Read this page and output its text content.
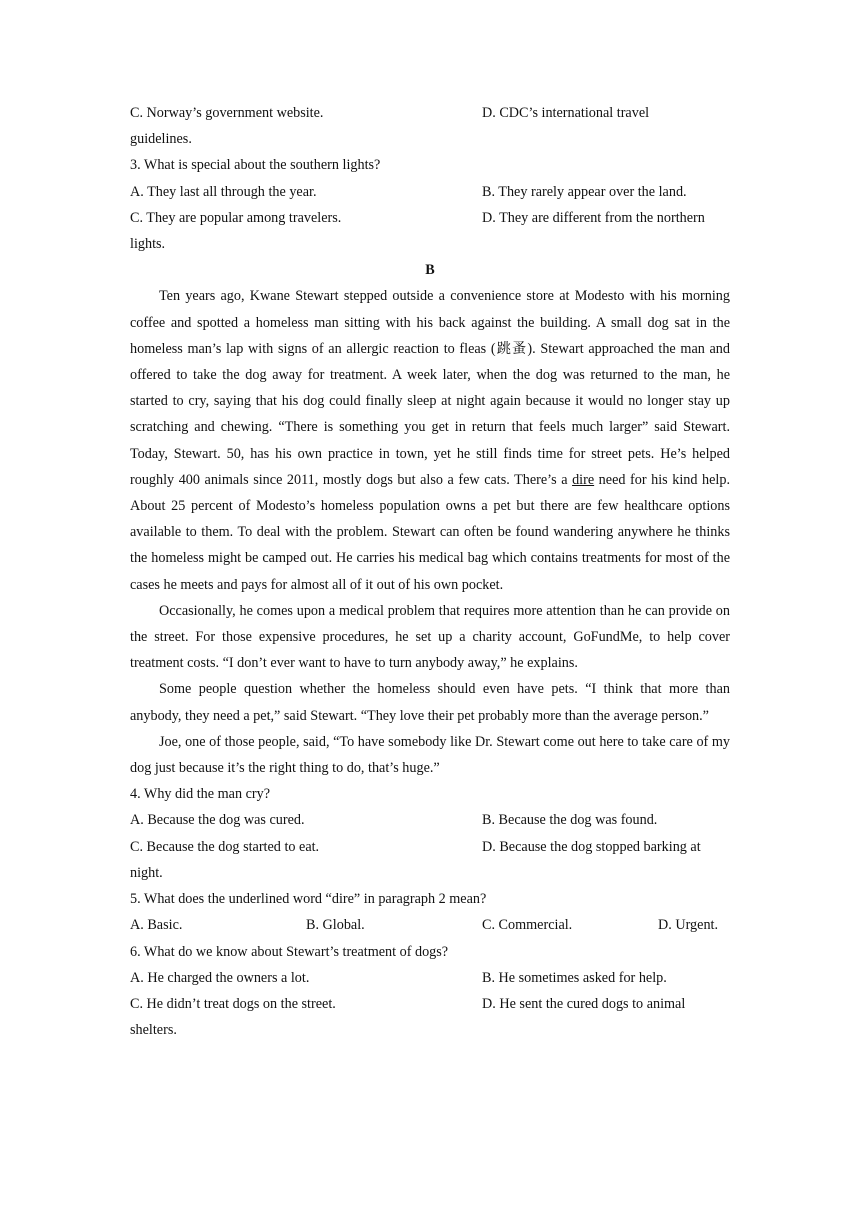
C. Norway’s government website.	D. CDC’s international travel
guidelines.
3. What is special about the southern lights?
A. They last all through the year.	B. They rarely appear over the land.
C. They are popular among travelers.	D. They are different from the northern
lights.
B
Ten years ago, Kwane Stewart stepped outside a convenience store at Modesto with his morning coffee and spotted a homeless man sitting with his back against the building. A small dog sat in the homeless man’s lap with signs of an allergic reaction to fleas (跳蚤). Stewart approached the man and offered to take the dog away for treatment. A week later, when the dog was returned to the man, he started to cry, saying that his dog could finally sleep at night again because it would no longer stay up scratching and chewing. “There is something you get in return that feels much larger” said Stewart. Today, Stewart. 50, has his own practice in town, yet he still finds time for street pets. He’s helped roughly 400 animals since 2011, mostly dogs but also a few cats. There’s a dire need for his kind help. About 25 percent of Modesto’s homeless population owns a pet but there are few healthcare options available to them. To deal with the problem. Stewart can often be found wandering anywhere he thinks the homeless might be camped out. He carries his medical bag which contains treatments for most of the cases he meets and pays for almost all of it out of his own pocket.
Occasionally, he comes upon a medical problem that requires more attention than he can provide on the street. For those expensive procedures, he set up a charity account, GoFundMe, to help cover treatment costs. “I don’t ever want to have to turn anybody away,” he explains.
Some people question whether the homeless should even have pets. “I think that more than anybody, they need a pet,” said Stewart. “They love their pet probably more than the average person.”
Joe, one of those people, said, “To have somebody like Dr. Stewart come out here to take care of my dog just because it’s the right thing to do, that’s huge.”
4. Why did the man cry?
A. Because the dog was cured.	B. Because the dog was found.
C. Because the dog started to eat.	D. Because the dog stopped barking at
night.
5. What does the underlined word “dire” in paragraph 2 mean?
A. Basic.	B. Global.	C. Commercial.	D. Urgent.
6. What do we know about Stewart’s treatment of dogs?
A. He charged the owners a lot.	B. He sometimes asked for help.
C. He didn’t treat dogs on the street.	D. He sent the cured dogs to animal
shelters.
